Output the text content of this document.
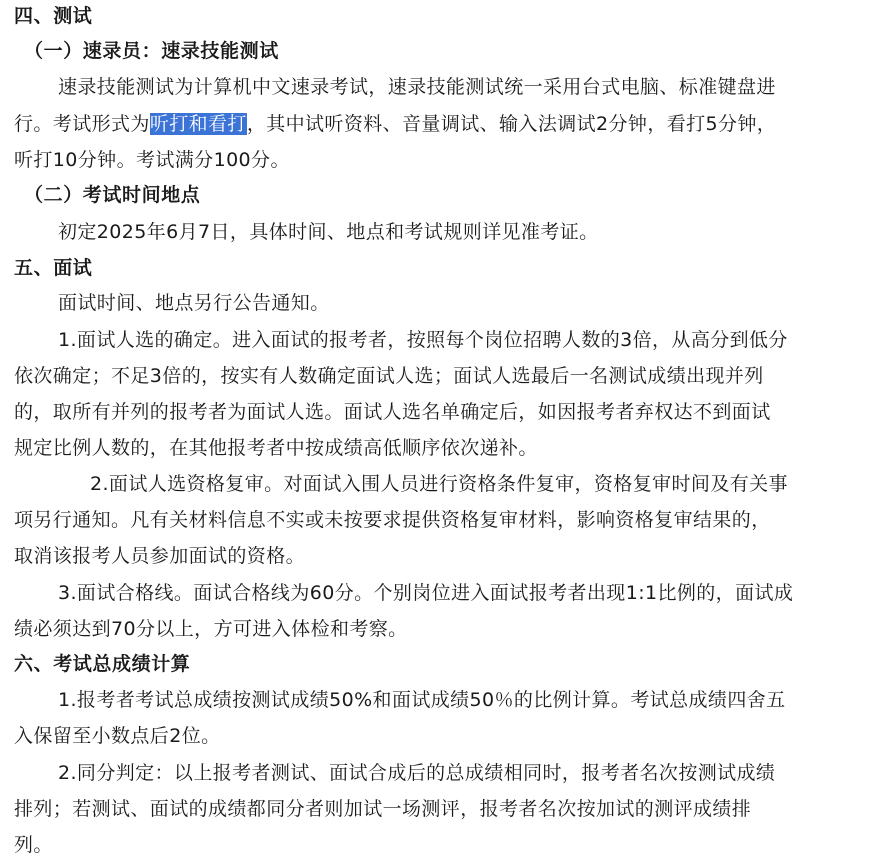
四、测试
（一）速录员：速录技能测试
速录技能测试为计算机中文速录考试，速录技能测试统一采用台式电脑、标准键盘进
行。考试形式为听打和看打，其中试听资料、音量调试、输入法调试2分钟，看打5分钟，
听打10分钟。考试满分100分。
（二）考试时间地点
初定2025年6月7日，具体时间、地点和考试规则详见准考证。
五、面试
面试时间、地点另行公告通知。
1.面试人选的确定。进入面试的报考者，按照每个岗位招聘人数的3倍，从高分到低分
依次确定；不足3倍的，按实有人数确定面试人选；面试人选最后一名测试成绩出现并列
的，取所有并列的报考者为面试人选。面试人选名单确定后，如因报考者弃权达不到面试
规定比例人数的，在其他报考者中按成绩高低顺序依次递补。
2.面试人选资格复审。对面试入围人员进行资格条件复审，资格复审时间及有关事
项另行通知。凡有关材料信息不实或未按要求提供资格复审材料，影响资格复审结果的，
取消该报考人员参加面试的资格。
3.面试合格线。面试合格线为60分。个别岗位进入面试报考者出现1:1比例的，面试成
绩必须达到70分以上，方可进入体检和考察。
六、考试总成绩计算
1.报考者考试总成绩按测试成绩50%和面试成绩50％的比例计算。考试总成绩四舍五
入保留至小数点后2位。
2.同分判定：以上报考者测试、面试合成后的总成绩相同时，报考者名次按测试成绩
排列；若测试、面试的成绩都同分者则加试一场测评，报考者名次按加试的测评成绩排
列。
